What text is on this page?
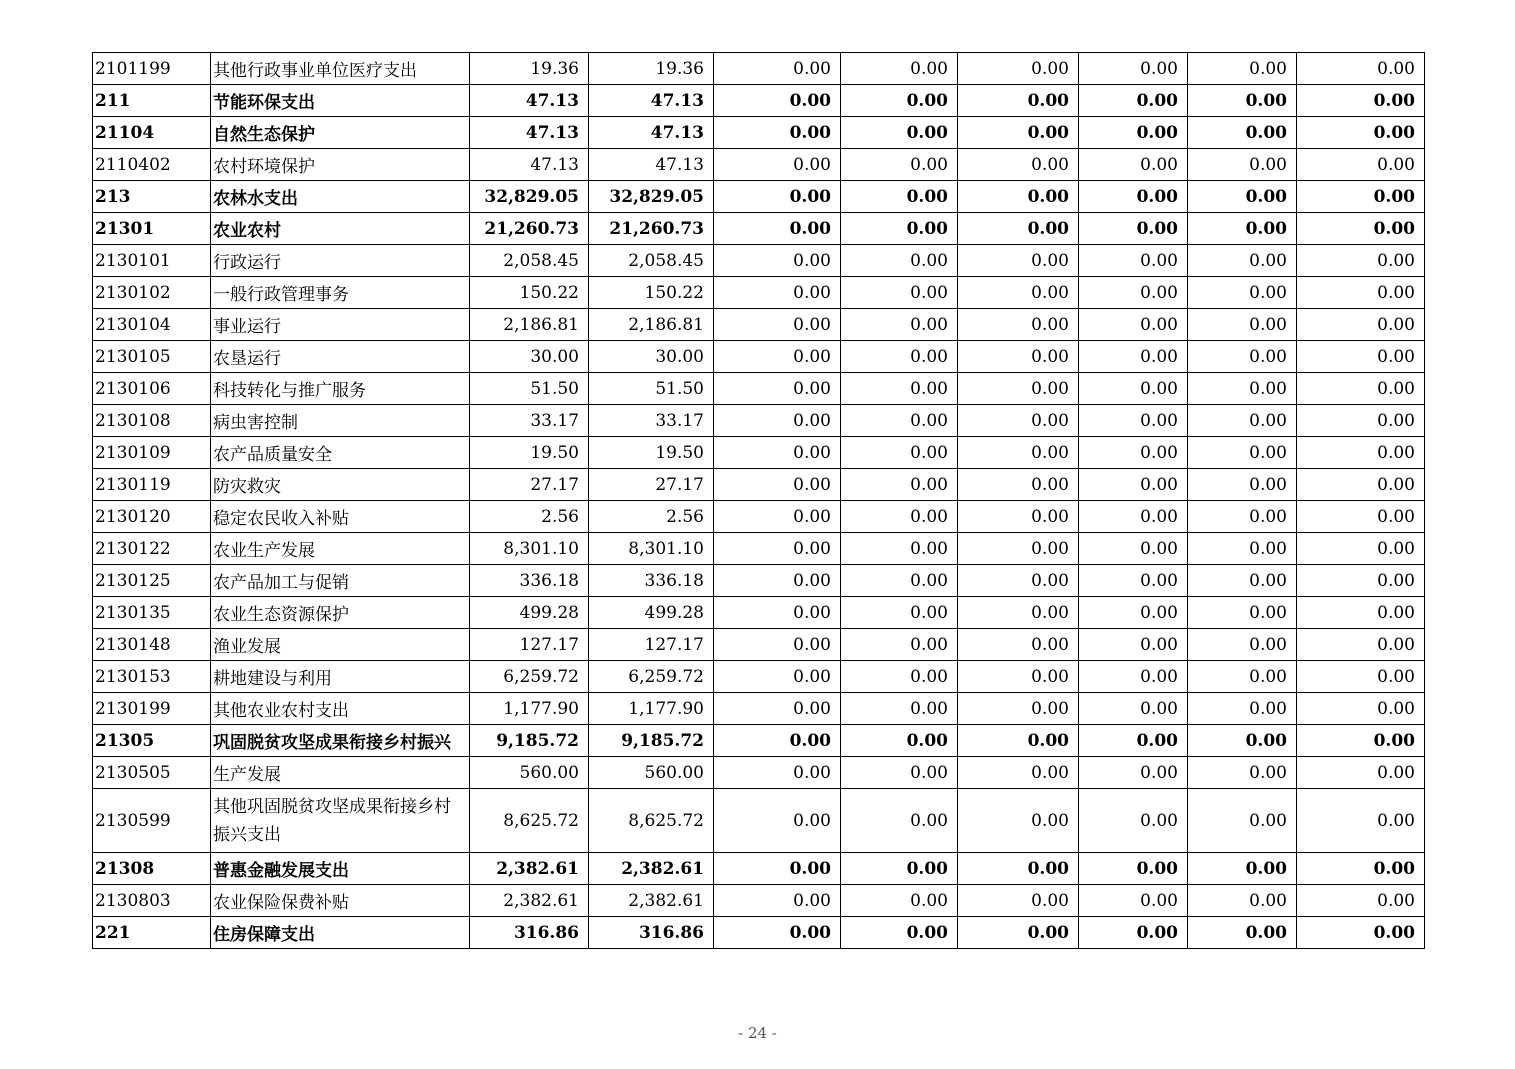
2101199	其他行政事业单位医疗支出	19.36	19.36	0.00	0.00	0.00	0.00	0.00	0.00
211	节能环保支出	47.13	47.13	0.00	0.00	0.00	0.00	0.00	0.00
21104	自然生态保护	47.13	47.13	0.00	0.00	0.00	0.00	0.00	0.00
2110402	农村环境保护	47.13	47.13	0.00	0.00	0.00	0.00	0.00	0.00
213	农林水支出	32,829.05	32,829.05	0.00	0.00	0.00	0.00	0.00	0.00
21301	农业农村	21,260.73	21,260.73	0.00	0.00	0.00	0.00	0.00	0.00
2130101	行政运行	2,058.45	2,058.45	0.00	0.00	0.00	0.00	0.00	0.00
2130102	一般行政管理事务	150.22	150.22	0.00	0.00	0.00	0.00	0.00	0.00
2130104	事业运行	2,186.81	2,186.81	0.00	0.00	0.00	0.00	0.00	0.00
2130105	农垦运行	30.00	30.00	0.00	0.00	0.00	0.00	0.00	0.00
2130106	科技转化与推广服务	51.50	51.50	0.00	0.00	0.00	0.00	0.00	0.00
2130108	病虫害控制	33.17	33.17	0.00	0.00	0.00	0.00	0.00	0.00
2130109	农产品质量安全	19.50	19.50	0.00	0.00	0.00	0.00	0.00	0.00
2130119	防灾救灾	27.17	27.17	0.00	0.00	0.00	0.00	0.00	0.00
2130120	稳定农民收入补贴	2.56	2.56	0.00	0.00	0.00	0.00	0.00	0.00
2130122	农业生产发展	8,301.10	8,301.10	0.00	0.00	0.00	0.00	0.00	0.00
2130125	农产品加工与促销	336.18	336.18	0.00	0.00	0.00	0.00	0.00	0.00
2130135	农业生态资源保护	499.28	499.28	0.00	0.00	0.00	0.00	0.00	0.00
2130148	渔业发展	127.17	127.17	0.00	0.00	0.00	0.00	0.00	0.00
2130153	耕地建设与利用	6,259.72	6,259.72	0.00	0.00	0.00	0.00	0.00	0.00
2130199	其他农业农村支出	1,177.90	1,177.90	0.00	0.00	0.00	0.00	0.00	0.00
21305	巩固脱贫攻坚成果衔接乡村振兴	9,185.72	9,185.72	0.00	0.00	0.00	0.00	0.00	0.00
2130505	生产发展	560.00	560.00	0.00	0.00	0.00	0.00	0.00	0.00
2130599	其他巩固脱贫攻坚成果衔接乡村振兴支出	8,625.72	8,625.72	0.00	0.00	0.00	0.00	0.00	0.00
21308	普惠金融发展支出	2,382.61	2,382.61	0.00	0.00	0.00	0.00	0.00	0.00
2130803	农业保险保费补贴	2,382.61	2,382.61	0.00	0.00	0.00	0.00	0.00	0.00
221	住房保障支出	316.86	316.86	0.00	0.00	0.00	0.00	0.00	0.00
- 24 -
